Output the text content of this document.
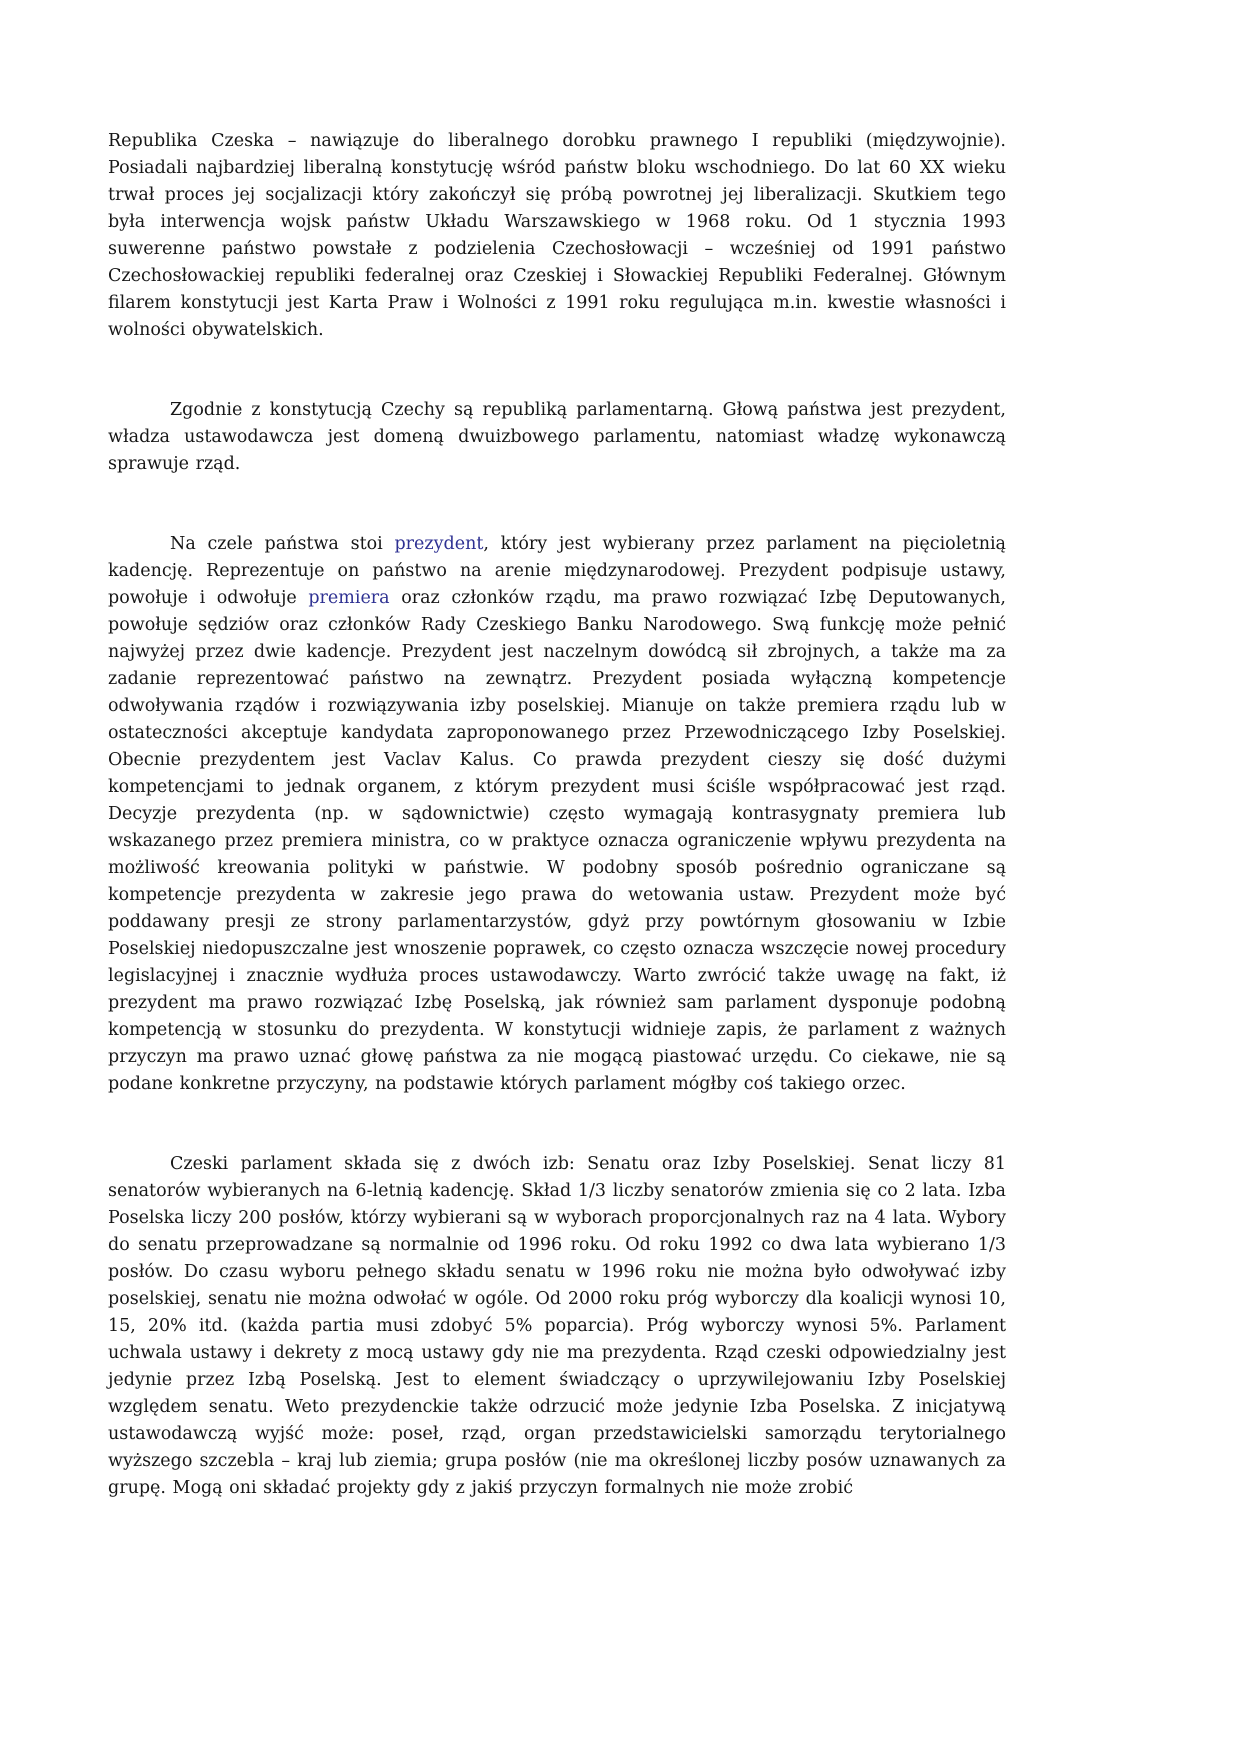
Republika Czeska – nawiązuje do liberalnego dorobku prawnego I republiki (międzywojnie). Posiadali najbardziej liberalną konstytucję wśród państw bloku wschodniego. Do lat 60 XX wieku trwał proces jej socjalizacji który zakończył się próbą powrotnej jej liberalizacji. Skutkiem tego była interwencja wojsk państw Układu Warszawskiego w 1968 roku. Od 1 stycznia 1993 suwerenne państwo powstałe z podzielenia Czechosłowacji – wcześniej od 1991 państwo Czechosłowackiej republiki federalnej oraz Czeskiej i Słowackiej Republiki Federalnej. Głównym filarem konstytucji jest Karta Praw i Wolności z 1991 roku regulująca m.in. kwestie własności i wolności obywatelskich.

Zgodnie z konstytucją Czechy są republiką parlamentarną. Głową państwa jest prezydent, władza ustawodawcza jest domeną dwuizbowego parlamentu, natomiast władzę wykonawczą sprawuje rząd.

Na czele państwa stoi prezydent, który jest wybierany przez parlament na pięcioletnią kadencję. Reprezentuje on państwo na arenie międzynarodowej. Prezydent podpisuje ustawy, powołuje i odwołuje premiera oraz członków rządu, ma prawo rozwiązać Izbę Deputowanych, powołuje sędziów oraz członków Rady Czeskiego Banku Narodowego. Swą funkcję może pełnić najwyżej przez dwie kadencje. Prezydent jest naczelnym dowódcą sił zbrojnych, a także ma za zadanie reprezentować państwo na zewnątrz. Prezydent posiada wyłączną kompetencje odwoływania rządów i rozwiązywania izby poselskiej. Mianuje on także premiera rządu lub w ostateczności akceptuje kandydata zaproponowanego przez Przewodniczącego Izby Poselskiej. Obecnie prezydentem jest Vaclav Kalus. Co prawda prezydent cieszy się dość dużymi kompetencjami to jednak organem, z którym prezydent musi ściśle współpracować jest rząd. Decyzje prezydenta (np. w sądownictwie) często wymagają kontrasygnaty premiera lub wskazanego przez premiera ministra, co w praktyce oznacza ograniczenie wpływu prezydenta na możliwość kreowania polityki w państwie. W podobny sposób pośrednio ograniczane są kompetencje prezydenta w zakresie jego prawa do wetowania ustaw. Prezydent może być poddawany presji ze strony parlamentarzystów, gdyż przy powtórnym głosowaniu w Izbie Poselskiej niedopuszczalne jest wnoszenie poprawek, co często oznacza wszczęcie nowej procedury legislacyjnej i znacznie wydłuża proces ustawodawczy. Warto zwrócić także uwagę na fakt, iż prezydent ma prawo rozwiązać Izbę Poselską, jak również sam parlament dysponuje podobną kompetencją w stosunku do prezydenta. W konstytucji widnieje zapis, że parlament z ważnych przyczyn ma prawo uznać głowę państwa za nie mogącą piastować urzędu. Co ciekawe, nie są podane konkretne przyczyny, na podstawie których parlament mógłby coś takiego orzec.

Czeski parlament składa się z dwóch izb: Senatu oraz Izby Poselskiej. Senat liczy 81 senatorów wybieranych na 6-letnią kadencję. Skład 1/3 liczby senatorów zmienia się co 2 lata. Izba Poselska liczy 200 posłów, którzy wybierani są w wyborach proporcjonalnych raz na 4 lata. Wybory do senatu przeprowadzane są normalnie od 1996 roku. Od roku 1992 co dwa lata wybierano 1/3 posłów. Do czasu wyboru pełnego składu senatu w 1996 roku nie można było odwoływać izby poselskiej, senatu nie można odwołać w ogóle. Od 2000 roku próg wyborczy dla koalicji wynosi 10, 15, 20% itd. (każda partia musi zdobyć 5% poparcia). Próg wyborczy wynosi 5%. Parlament uchwala ustawy i dekrety z mocą ustawy gdy nie ma prezydenta. Rząd czeski odpowiedzialny jest jedynie przez Izbą Poselską. Jest to element świadczący o uprzywilejowaniu Izby Poselskiej względem senatu. Weto prezydenckie także odrzucić może jedynie Izba Poselska. Z inicjatywą ustawodawczą wyjść może: poseł, rząd, organ przedstawicielski samorządu terytorialnego wyższego szczebla – kraj lub ziemia; grupa posłów (nie ma określonej liczby posów uznawanych za grupę. Mogą oni składać projekty gdy z jakiś przyczyn formalnych nie może zrobić
